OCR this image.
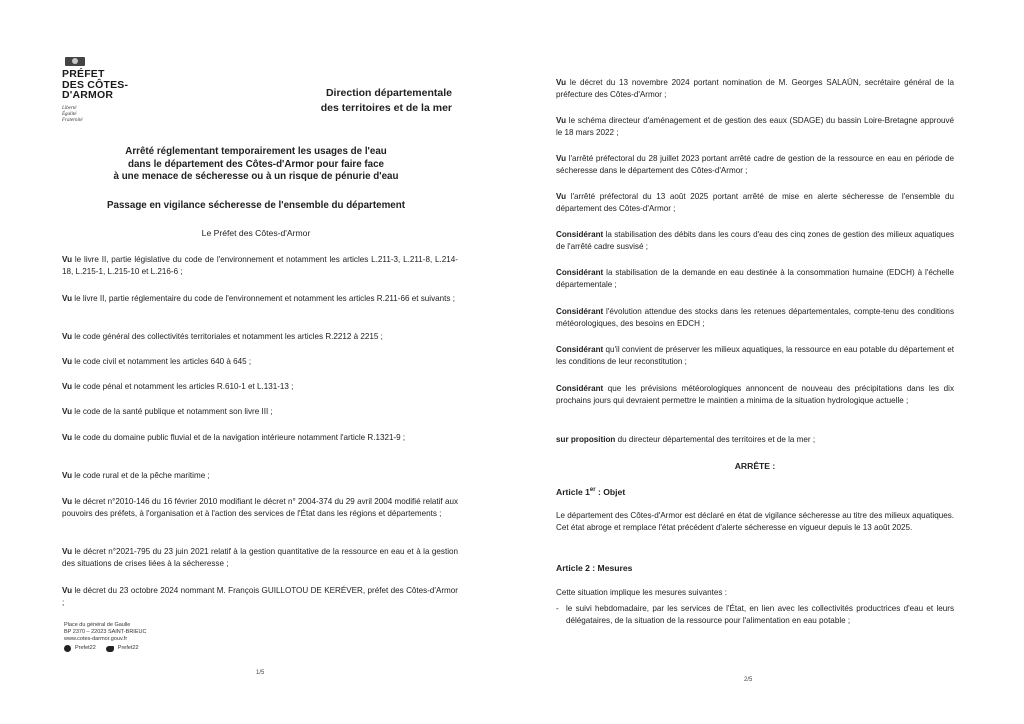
PRÉFET
DES CÔTES-
D'ARMOR
Liberté
Égalité
Fraternité
Direction départementale
des territoires et de la mer
Arrêté réglementant temporairement les usages de l'eau
dans le département des Côtes-d'Armor pour faire face
à une menace de sécheresse ou à un risque de pénurie d'eau
Passage en vigilance sécheresse de l'ensemble du département
Le Préfet des Côtes-d'Armor
Vu le livre II, partie législative du code de l'environnement et notamment les articles L.211-3, L.211-8, L.214-18, L.215-1, L.215-10 et L.216-6 ;
Vu le livre II, partie réglementaire du code de l'environnement et notamment les articles R.211-66 et suivants ;
Vu le code général des collectivités territoriales et notamment les articles R.2212 à 2215 ;
Vu le code civil et notamment les articles 640 à 645 ;
Vu le code pénal et notamment les articles R.610-1 et L.131-13 ;
Vu le code de la santé publique et notamment son livre III ;
Vu le code du domaine public fluvial et de la navigation intérieure notamment l'article R.1321-9 ;
Vu le code rural et de la pêche maritime ;
Vu le décret n°2010-146 du 16 février 2010 modifiant le décret n° 2004-374 du 29 avril 2004 modifié relatif aux pouvoirs des préfets, à l'organisation et à l'action des services de l'État dans les régions et départements ;
Vu le décret n°2021-795 du 23 juin 2021 relatif à la gestion quantitative de la ressource en eau et à la gestion des situations de crises liées à la sécheresse ;
Vu le décret du 23 octobre 2024 nommant M. François GUILLOTOU DE KERÉVER, préfet des Côtes-d'Armor ;
Place du général de Gaulle
BP 2370 – 22023 SAINT-BRIEUC
www.cotes-darmor.gouv.fr
Prefet22	Prefet22
1/5
Vu le décret du 13 novembre 2024 portant nomination de M. Georges SALAÜN, secrétaire général de la préfecture des Côtes-d'Armor ;
Vu le schéma directeur d'aménagement et de gestion des eaux (SDAGE) du bassin Loire-Bretagne approuvé le 18 mars 2022 ;
Vu l'arrêté préfectoral du 28 juillet 2023 portant arrêté cadre de gestion de la ressource en eau en période de sécheresse dans le département des Côtes-d'Armor ;
Vu l'arrêté préfectoral du 13 août 2025 portant arrêté de mise en alerte sécheresse de l'ensemble du département des Côtes-d'Armor ;
Considérant la stabilisation des débits dans les cours d'eau des cinq zones de gestion des milieux aquatiques de l'arrêté cadre susvisé ;
Considérant la stabilisation de la demande en eau destinée à la consommation humaine (EDCH) à l'échelle départementale ;
Considérant l'évolution attendue des stocks dans les retenues départementales, compte-tenu des conditions météorologiques, des besoins en EDCH ;
Considérant qu'il convient de préserver les milieux aquatiques, la ressource en eau potable du département et les conditions de leur reconstitution ;
Considérant que les prévisions météorologiques annoncent de nouveau des précipitations dans les dix prochains jours qui devraient permettre le maintien a minima de la situation hydrologique actuelle ;
sur proposition du directeur départemental des territoires et de la mer ;
ARRÊTE :
Article 1er : Objet
Le département des Côtes-d'Armor est déclaré en état de vigilance sécheresse au titre des milieux aquatiques. Cet état abroge et remplace l'état précédent d'alerte sécheresse en vigueur depuis le 13 août 2025.
Article 2 : Mesures
Cette situation implique les mesures suivantes :
- le suivi hebdomadaire, par les services de l'État, en lien avec les collectivités productrices d'eau et leurs délégataires, de la situation de la ressource pour l'alimentation en eau potable ;
2/5
